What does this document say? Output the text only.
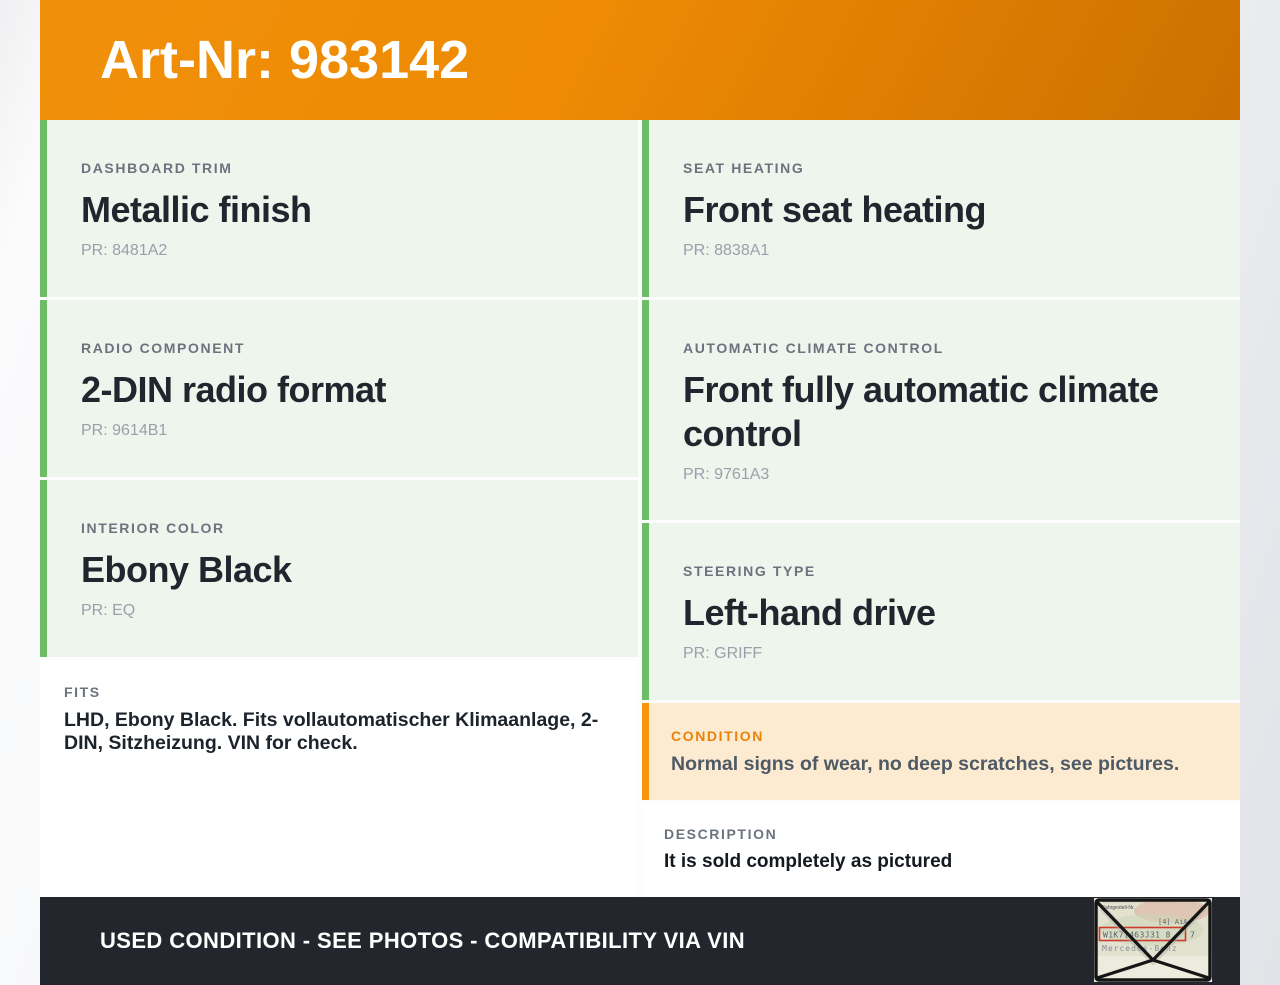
Art-Nr: 983142
DASHBOARD TRIM
Metallic finish
PR: 8481A2
RADIO COMPONENT
2-DIN radio format
PR: 9614B1
INTERIOR COLOR
Ebony Black
PR: EQ
FITS
LHD, Ebony Black. Fits vollautomatischer Klimaanlage, 2-DIN, Sitzheizung. VIN for check.
SEAT HEATING
Front seat heating
PR: 8838A1
AUTOMATIC CLIMATE CONTROL
Front fully automatic climate control
PR: 9761A3
STEERING TYPE
Left-hand drive
PR: GRIFF
CONDITION
Normal signs of wear, no deep scratches, see pictures.
DESCRIPTION
It is sold completely as pictured
USED CONDITION - SEE PHOTOS - COMPATIBILITY VIA VIN
Fahrgestell-Nr.
[4] AiA
W1K71463J31 8 7
Mercedes-Benz
